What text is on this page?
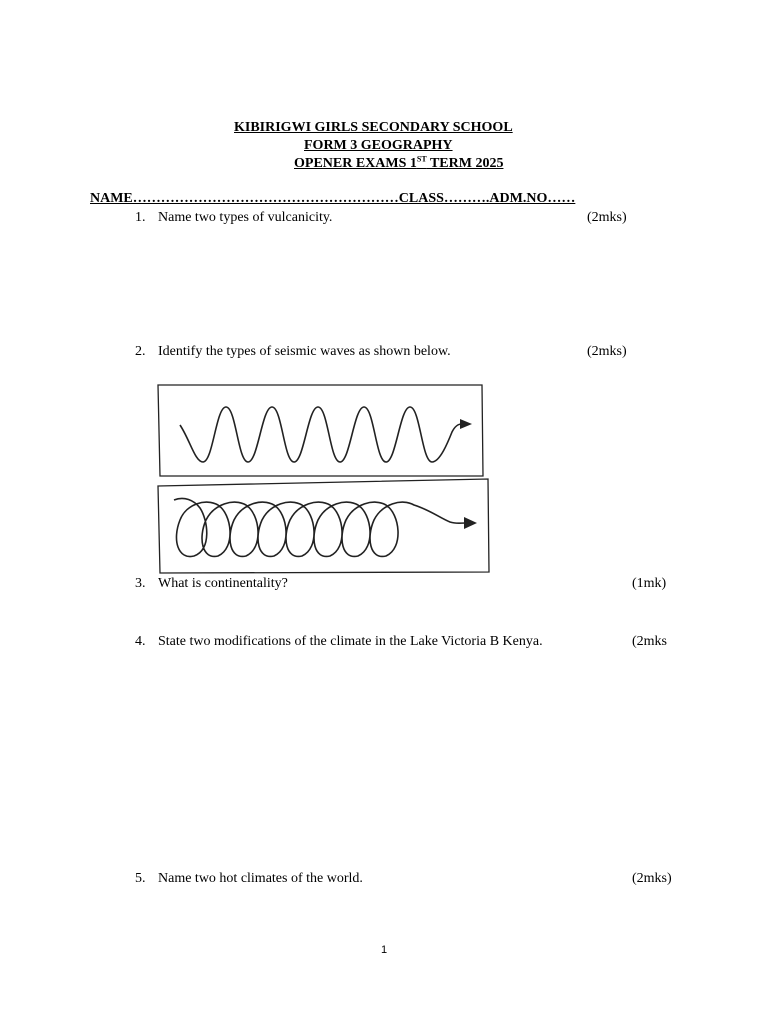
KIBIRIGWI GIRLS SECONDARY SCHOOL
FORM 3 GEOGRAPHY
OPENER EXAMS 1ST TERM 2025
NAME…………………………………………………CLASS……….ADM.NO……
1. Name two types of vulcanicity.	(2mks)
2. Identify the types of seismic waves as shown below.	(2mks)
3. What is continentality?	(1mk)
4. State two modifications of the climate in the Lake Victoria B Kenya.	(2mks
5. Name two hot climates of the world.	(2mks)
1
